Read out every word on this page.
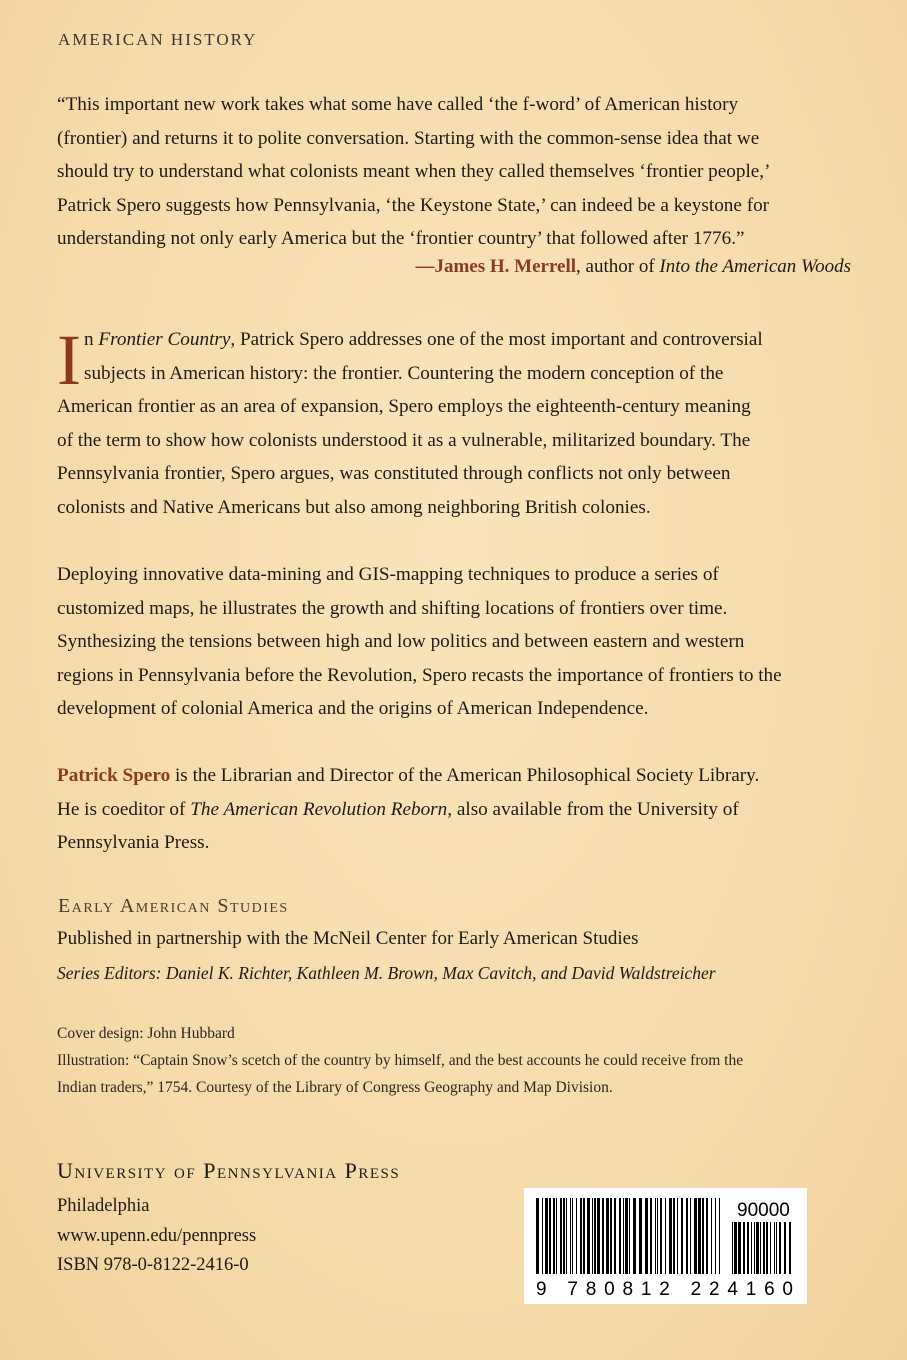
AMERICAN HISTORY

“This important new work takes what some have called ‘the f-word’ of American history

(frontier) and returns it to polite conversation. Starting with the common-sense idea that we

should try to understand what colonists meant when they called themselves ‘frontier people,’

Patrick Spero suggests how Pennsylvania, ‘the Keystone State,’ can indeed be a keystone for

understanding not only early America but the ‘frontier country’ that followed after 1776.”

—James H. Merrell, author of Into the American Woods
I n Frontier Country, Patrick Spero addresses one of the most important and controversial

subjects in American history: the frontier. Countering the modern conception of the

American frontier as an area of expansion, Spero employs the eighteenth-century meaning

of the term to show how colonists understood it as a vulnerable, militarized boundary. The

Pennsylvania frontier, Spero argues, was constituted through conflicts not only between

colonists and Native Americans but also among neighboring British colonies.

Deploying innovative data-mining and GIS-mapping techniques to produce a series of

customized maps, he illustrates the growth and shifting locations of frontiers over time.

Synthesizing the tensions between high and low politics and between eastern and western

regions in Pennsylvania before the Revolution, Spero recasts the importance of frontiers to the

development of colonial America and the origins of American Independence.

Patrick Spero is the Librarian and Director of the American Philosophical Society Library.

He is coeditor of The American Revolution Reborn, also available from the University of

Pennsylvania Press.

Early American Studies
Published in partnership with the McNeil Center for Early American Studies
Series Editors: Daniel K. Richter, Kathleen M. Brown, Max Cavitch, and David Waldstreicher

Cover design: John Hubbard

Illustration: “Captain Snow’s scetch of the country by himself, and the best accounts he could receive from the

Indian traders,” 1754. Courtesy of the Library of Congress Geography and Map Division.

University of Pennsylvania Press
Philadelphia
www.upenn.edu/pennpress
ISBN 978-0-8122-2416-0
90000
9 780812 224160
